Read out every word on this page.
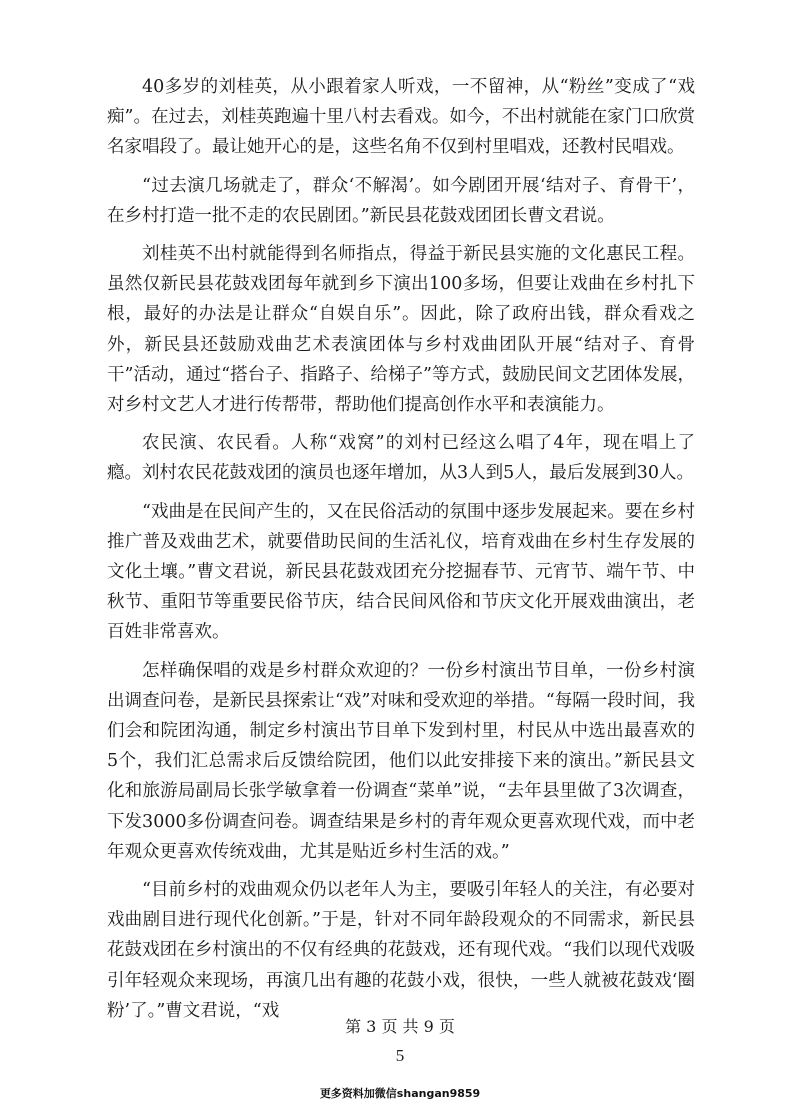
40多岁的刘桂英，从小跟着家人听戏，一不留神，从“粉丝”变成了“戏痴”。在过去，刘桂英跑遍十里八村去看戏。如今，不出村就能在家门口欣赏名家唱段了。最让她开心的是，这些名角不仅到村里唱戏，还教村民唱戏。

“过去演几场就走了，群众‘不解渴’。如今剧团开展‘结对子、育骨干’，在乡村打造一批不走的农民剧团。”新民县花鼓戏团团长曹文君说。

刘桂英不出村就能得到名师指点，得益于新民县实施的文化惠民工程。虽然仅新民县花鼓戏团每年就到乡下演出100多场，但要让戏曲在乡村扎下根，最好的办法是让群众“自娱自乐”。因此，除了政府出钱，群众看戏之外，新民县还鼓励戏曲艺术表演团体与乡村戏曲团队开展“结对子、育骨干”活动，通过“搭台子、指路子、给梯子”等方式，鼓励民间文艺团体发展，对乡村文艺人才进行传帮带，帮助他们提高创作水平和表演能力。

农民演、农民看。人称“戏窝”的刘村已经这么唱了4年，现在唱上了瘾。刘村农民花鼓戏团的演员也逐年增加，从3人到5人，最后发展到30人。

“戏曲是在民间产生的，又在民俗活动的氛围中逐步发展起来。要在乡村推广普及戏曲艺术，就要借助民间的生活礼仪，培育戏曲在乡村生存发展的文化土壤。”曹文君说，新民县花鼓戏团充分挖掘春节、元宵节、端午节、中秋节、重阳节等重要民俗节庆，结合民间风俗和节庆文化开展戏曲演出，老百姓非常喜欢。

怎样确保唱的戏是乡村群众欢迎的？一份乡村演出节目单，一份乡村演出调查问卷，是新民县探索让“戏”对味和受欢迎的举措。“每隔一段时间，我们会和院团沟通，制定乡村演出节目单下发到村里，村民从中选出最喜欢的5个，我们汇总需求后反馈给院团，他们以此安排接下来的演出。”新民县文化和旅游局副局长张学敏拿着一份调查“菜单”说，“去年县里做了3次调查，下发3000多份调查问卷。调查结果是乡村的青年观众更喜欢现代戏，而中老年观众更喜欢传统戏曲，尤其是贴近乡村生活的戏。”

“目前乡村的戏曲观众仍以老年人为主，要吸引年轻人的关注，有必要对戏曲剧目进行现代化创新。”于是，针对不同年龄段观众的不同需求，新民县花鼓戏团在乡村演出的不仅有经典的花鼓戏，还有现代戏。“我们以现代戏吸引年轻观众来现场，再演几出有趣的花鼓小戏，很快，一些人就被花鼓戏‘圈粉’了。”曹文君说，“戏

第 3 页 共 9 页
5
更多资料加微信shangan9859
